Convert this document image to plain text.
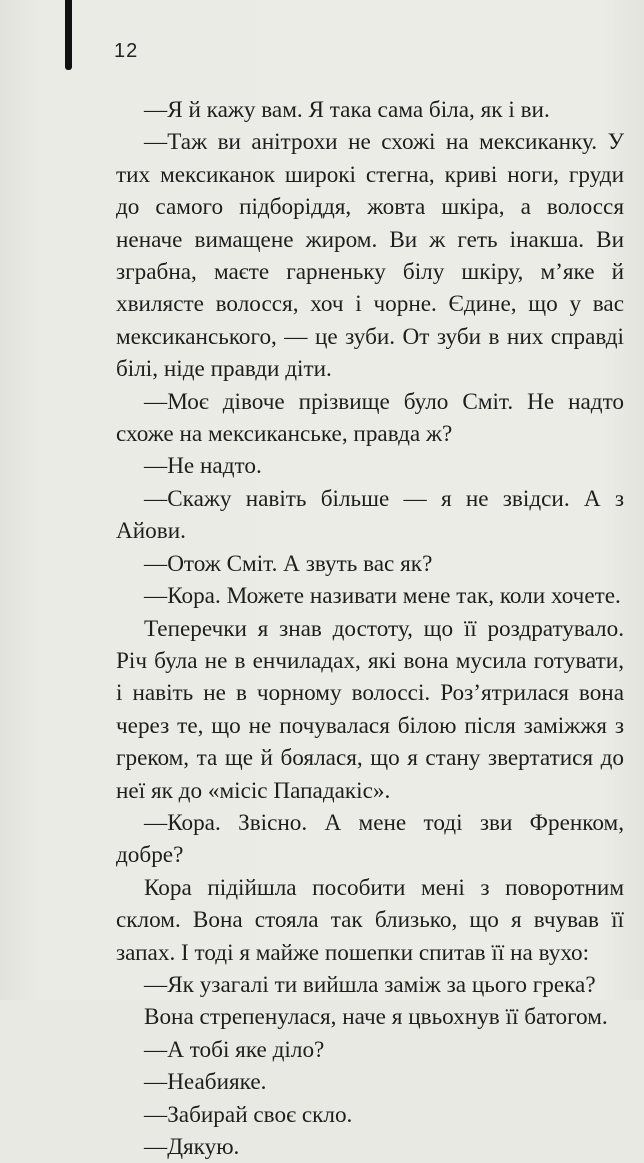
12

—Я й кажу вам. Я така сама біла, як і ви.

—Таж ви анітрохи не схожі на мексиканку. У тих мексиканок широкі стегна, криві ноги, груди до самого підборіддя, жовта шкіра, а волосся неначе вимащене жиром. Ви ж геть інакша. Ви зграбна, маєте гарненьку білу шкіру, м’яке й хвилясте волосся, хоч і чорне. Єдине, що у вас мексиканського, — це зуби. От зуби в них справді білі, ніде правди діти.

—Моє дівоче прізвище було Сміт. Не надто схоже на мексиканське, правда ж?

—Не надто.

—Скажу навіть більше — я не звідси. А з Айови.

—Отож Сміт. А звуть вас як?

—Кора. Можете називати мене так, коли хочете.

Теперечки я знав достоту, що її роздратувало. Річ була не в енчиладах, які вона мусила готувати, і навіть не в чорному волоссі. Роз’ятрилася вона через те, що не почувалася білою після заміжжя з греком, та ще й боялася, що я стану звертатися до неї як до «місіс Пападакіс».

—Кора. Звісно. А мене тоді зви Френком, добре?

Кора підійшла пособити мені з поворотним склом. Вона стояла так близько, що я вчував її запах. І тоді я майже пошепки спитав її на вухо:

—Як узагалі ти вийшла заміж за цього грека?

Вона стрепенулася, наче я цвьохнув її батогом.

—А тобі яке діло?

—Неабияке.

—Забирай своє скло.

—Дякую.
